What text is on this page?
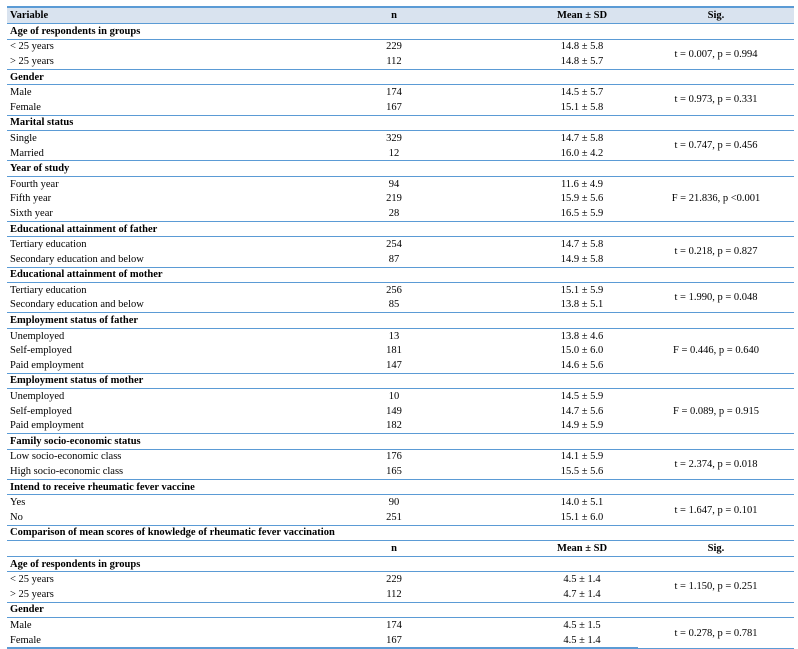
Variable	n	Mean ± SD	Sig.
Age of respondents in groups			
< 25 years	229	14.8 ± 5.8	t = 0.007, p = 0.994
> 25 years	112	14.8 ± 5.7	
Gender			
Male	174	14.5 ± 5.7	t = 0.973, p = 0.331
Female	167	15.1 ± 5.8	
Marital status			
Single	329	14.7 ± 5.8	t = 0.747, p = 0.456
Married	12	16.0 ± 4.2	
Year of study			
Fourth year	94	11.6 ± 4.9	F = 21.836, p <0.001
Fifth year	219	15.9 ± 5.6	
Sixth year	28	16.5 ± 5.9	
Educational attainment of father			
Tertiary education	254	14.7 ± 5.8	t = 0.218, p = 0.827
Secondary education and below	87	14.9 ± 5.8	
Educational attainment of mother			
Tertiary education	256	15.1 ± 5.9	t = 1.990, p = 0.048
Secondary education and below	85	13.8 ± 5.1	
Employment status of father			
Unemployed	13	13.8 ± 4.6	F = 0.446, p = 0.640
Self-employed	181	15.0 ± 6.0	
Paid employment	147	14.6 ± 5.6	
Employment status of mother			
Unemployed	10	14.5 ± 5.9	F = 0.089, p = 0.915
Self-employed	149	14.7 ± 5.6	
Paid employment	182	14.9 ± 5.9	
Family socio-economic status			
Low socio-economic class	176	14.1 ± 5.9	t = 2.374, p = 0.018
High socio-economic class	165	15.5 ± 5.6	
Intend to receive rheumatic fever vaccine			
Yes	90	14.0 ± 5.1	t = 1.647, p = 0.101
No	251	15.1 ± 6.0	
Comparison of mean scores of knowledge of rheumatic fever vaccination			
	n	Mean ± SD	Sig.
Age of respondents in groups			
< 25 years	229	4.5 ± 1.4	t = 1.150, p = 0.251
> 25 years	112	4.7 ± 1.4	
Gender			
Male	174	4.5 ± 1.5	t = 0.278, p = 0.781
Female	167	4.5 ± 1.4	
